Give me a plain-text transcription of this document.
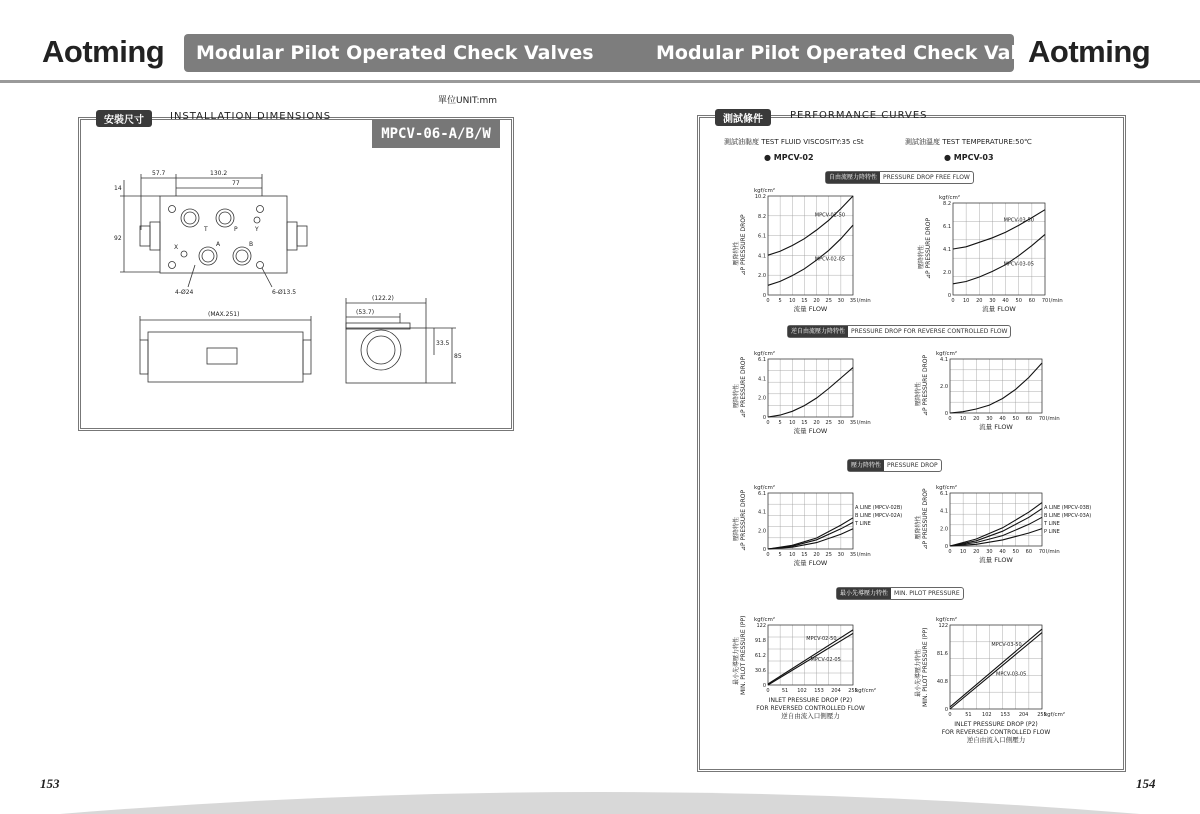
Aotming Modular Pilot Operated Check Valves	Modular Pilot Operated Check Valves
Aotming
單位UNIT:mm
安裝尺寸	INSTALLATION DIMENSIONS
MPCV-06-A/B/W
57.7	130.2
77
14
92
T	P	Y
X	A	B
4-Ø24	6-Ø13.5
(MAX.251)
(122.2)
(53.7)
33.5
85
測試條件	PERFORMANCE CURVES
測試油黏度 TEST FLUID VISCOSITY:35 cSt	測試油溫度 TEST TEMPERATURE:50℃
● MPCV-02	● MPCV-03
自由流壓力降特性 PRESSURE DROP FREE FLOW
逆自由流壓力降特性 PRESSURE DROP FOR REVERSE CONTROLLED FLOW
壓力降特性 PRESSURE DROP
最小先導壓力特性 MIN. PILOT PRESSURE
0 5 10 15 20 25 30 35
0
2.0
4.1
6.1
8.2
10.2
kgf/cm²
l/min
流量 FLOW
壓降特性 ⊿P PRESSURE DROP	MPCV-02-50
MPCV-02-05
0 10 20 30 40 50 60 70
0
2.0
4.1
6.1
8.2
kgf/cm²
l/min
流量 FLOW
壓降特性 ⊿P PRESSURE DROP	MPCV-03-50
MPCV-03-05
0 5 10 15 20 25 30 35
0
2.0
4.1
6.1
kgf/cm²
l/min
流量 FLOW
壓降特性 ⊿P PRESSURE DROP
0 10 20 30 40 50 60 70
0
2.0
4.1
kgf/cm²
l/min
流量 FLOW
壓降特性 ⊿P PRESSURE DROP
0 5 10 15 20 25 30 35
0
2.0
4.1
6.1
kgf/cm²
l/min
流量 FLOW
壓降特性 ⊿P PRESSURE DROP	A LINE (MPCV-02B)
B LINE (MPCV-02A)
T LINE
0 10 20 30 40 50 60 70
0
2.0
4.1
6.1
kgf/cm²
l/min
流量 FLOW
壓降特性 ⊿P PRESSURE DROP	A LINE (MPCV-03B)
B LINE (MPCV-03A)
T LINE
P LINE
0 51 102 153 204 255
0
30.6
61.2
91.8
122
kgf/cm²
kgf/cm²
INLET PRESSURE DROP (P2)
FOR REVERSED CONTROLLED FLOW
逆自由流入口側壓力
最小先導壓力特性 MIN. PILOT PRESSURE (PP)	MPCV-02-50
MPCV-02-05
0	51 102 153 204 255
0
40.8
81.6
122
kgf/cm²
kgf/cm²
INLET PRESSURE DROP (P2)
FOR REVERSED CONTROLLED FLOW
逆自由流入口側壓力
最小先導壓力特性 MIN. PILOT PRESSURE (PP)	MPCV-03-50
MPCV-03-05
153	154
